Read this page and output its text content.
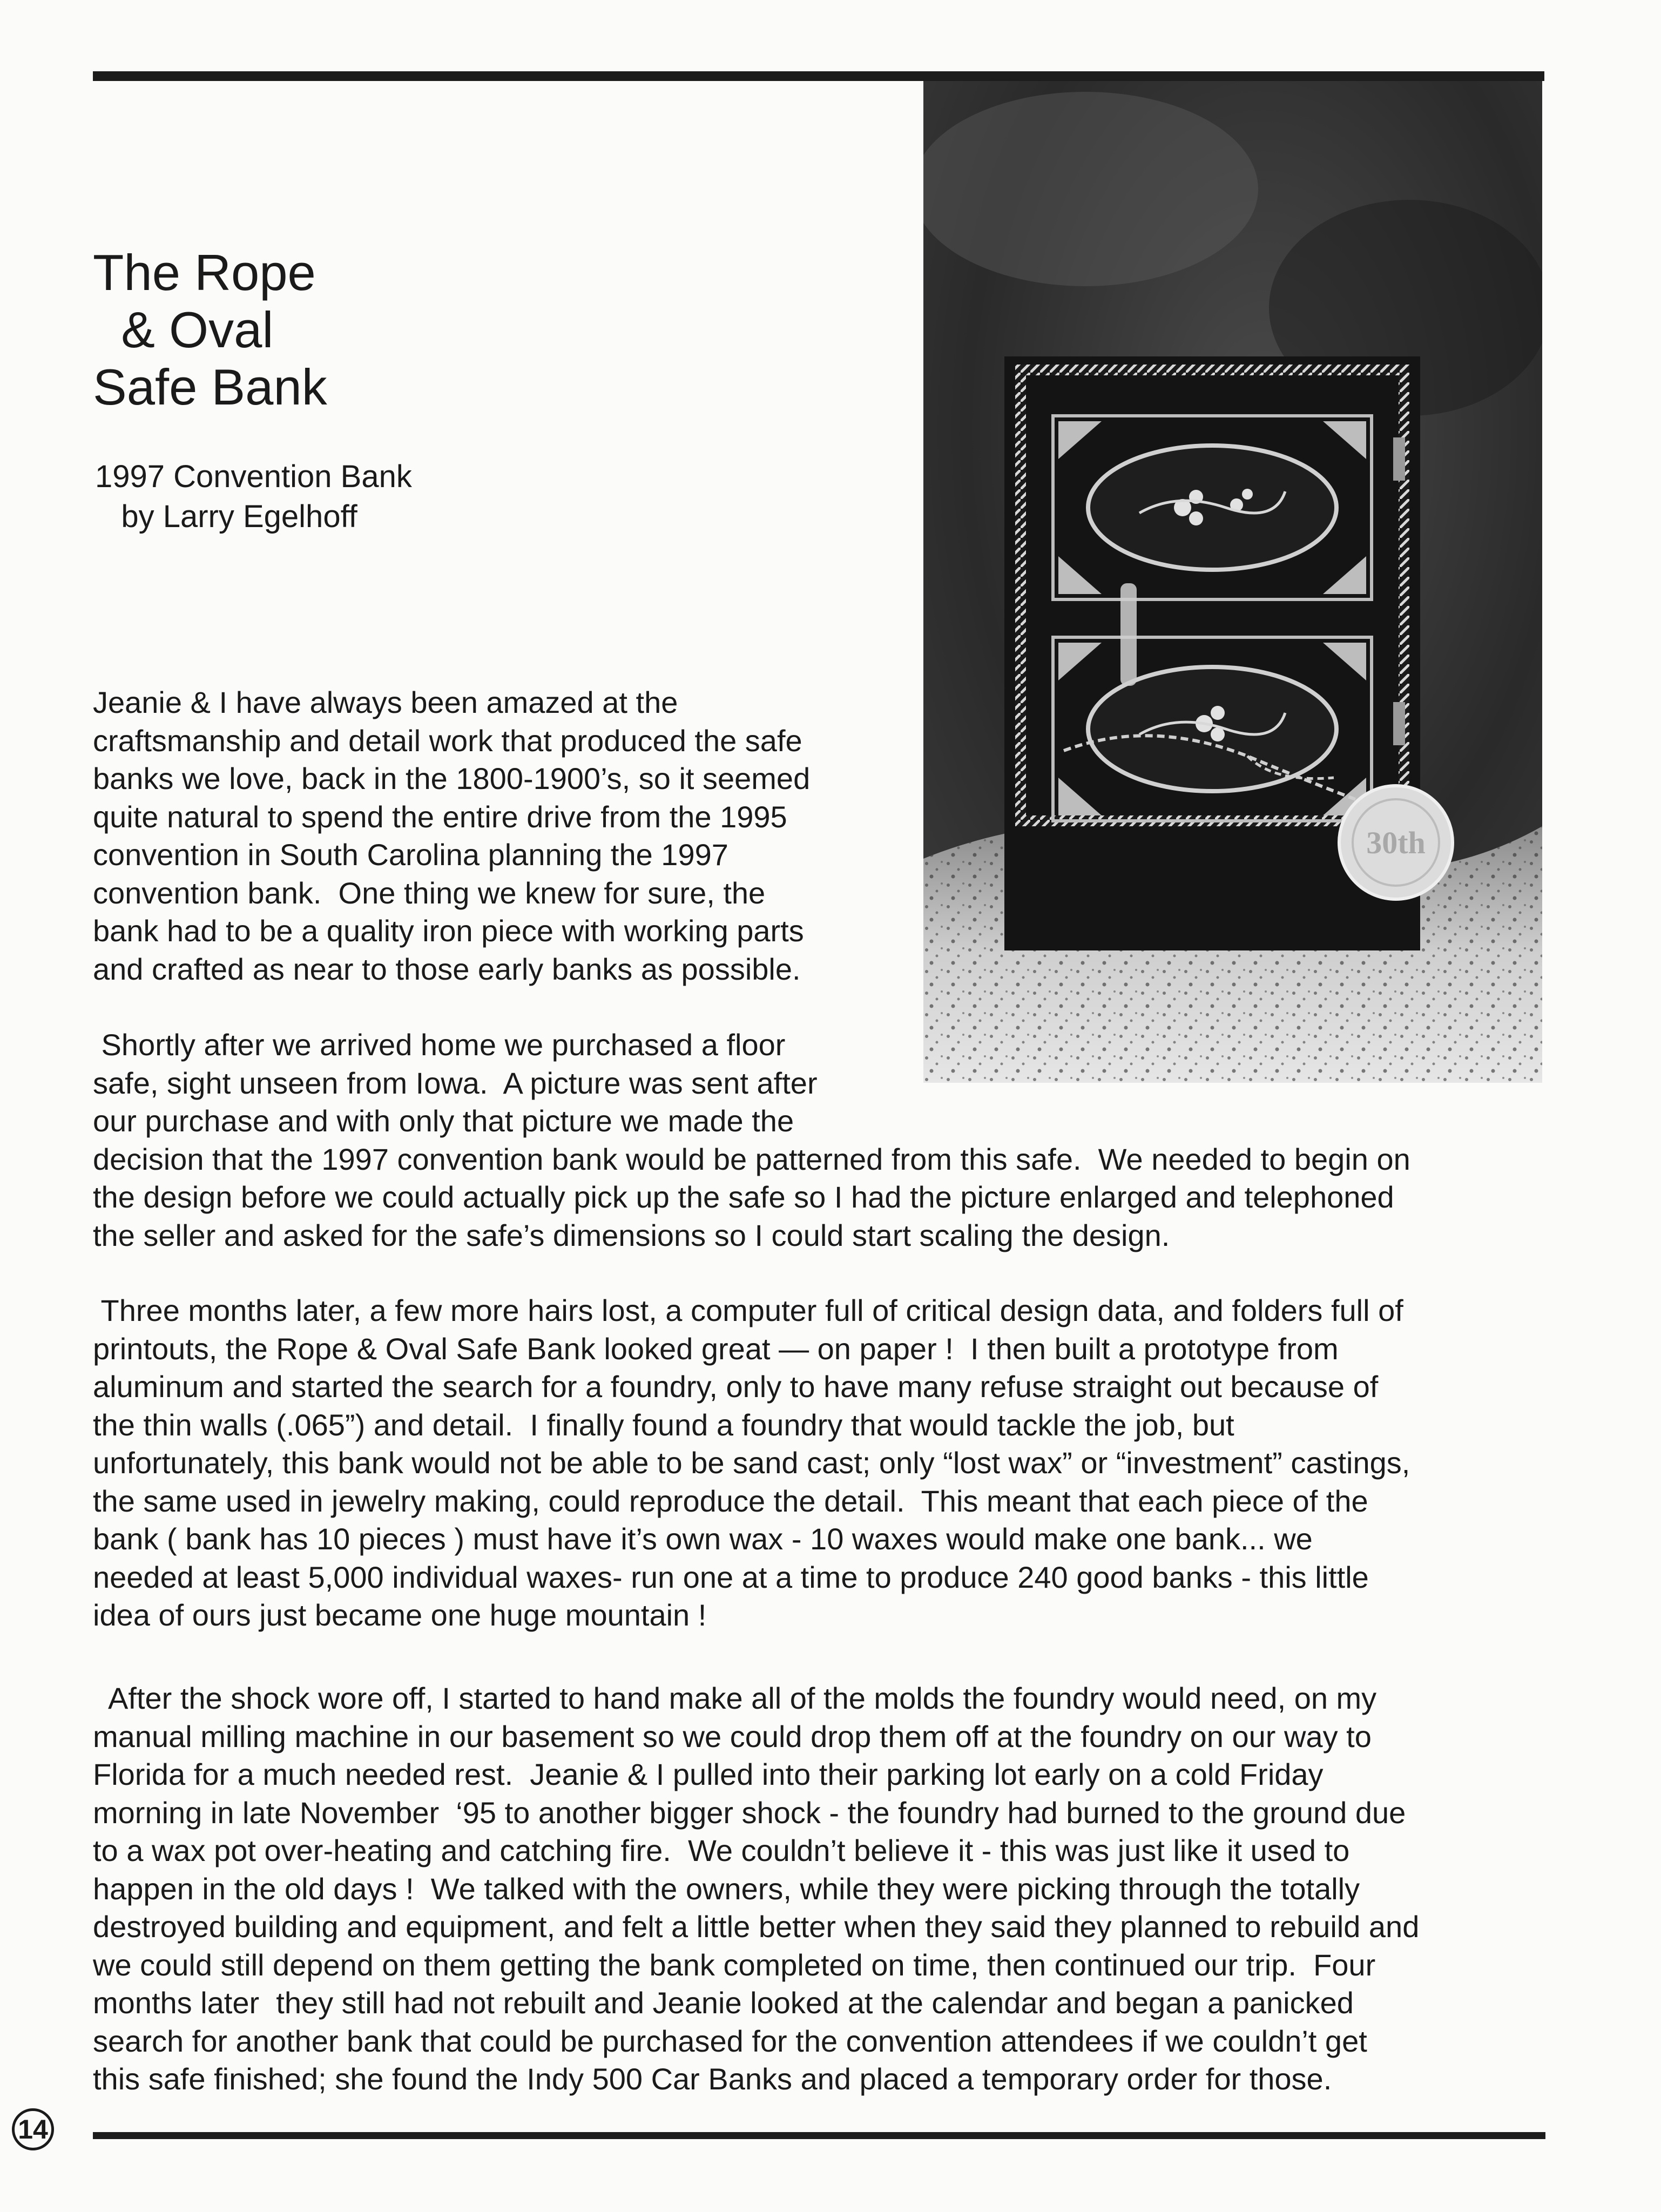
The Rope
& Oval
Safe Bank
1997 Convention Bank
by Larry Egelhoff

Jeanie & I have always been amazed at the
craftsmanship and detail work that produced the safe
banks we love, back in the 1800-1900’s, so it seemed
quite natural to spend the entire drive from the 1995
convention in South Carolina planning the 1997
convention bank.  One thing we knew for sure, the
bank had to be a quality iron piece with working parts
and crafted as near to those early banks as possible.

Shortly after we arrived home we purchased a floor
safe, sight unseen from Iowa.  A picture was sent after
our purchase and with only that picture we made the
decision that the 1997 convention bank would be patterned from this safe.  We needed to begin on
the design before we could actually pick up the safe so I had the picture enlarged and telephoned
the seller and asked for the safe’s dimensions so I could start scaling the design.

Three months later, a few more hairs lost, a computer full of critical design data, and folders full of
printouts, the Rope & Oval Safe Bank looked great — on paper !  I then built a prototype from
aluminum and started the search for a foundry, only to have many refuse straight out because of
the thin walls (.065”) and detail.  I finally found a foundry that would tackle the job, but
unfortunately, this bank would not be able to be sand cast; only “lost wax” or “investment” castings,
the same used in jewelry making, could reproduce the detail.  This meant that each piece of the
bank ( bank has 10 pieces ) must have it’s own wax - 10 waxes would make one bank... we
needed at least 5,000 individual waxes- run one at a time to produce 240 good banks - this little
idea of ours just became one huge mountain !

After the shock wore off, I started to hand make all of the molds the foundry would need, on my
manual milling machine in our basement so we could drop them off at the foundry on our way to
Florida for a much needed rest.  Jeanie & I pulled into their parking lot early on a cold Friday
morning in late November  ‘95 to another bigger shock - the foundry had burned to the ground due
to a wax pot over-heating and catching fire.  We couldn’t believe it - this was just like it used to
happen in the old days !  We talked with the owners, while they were picking through the totally
destroyed building and equipment, and felt a little better when they said they planned to rebuild and
we could still depend on them getting the bank completed on time, then continued our trip.  Four
months later  they still had not rebuilt and Jeanie looked at the calendar and began a panicked
search for another bank that could be purchased for the convention attendees if we couldn’t get
this safe finished; she found the Indy 500 Car Banks and placed a temporary order for those.

30th
14
